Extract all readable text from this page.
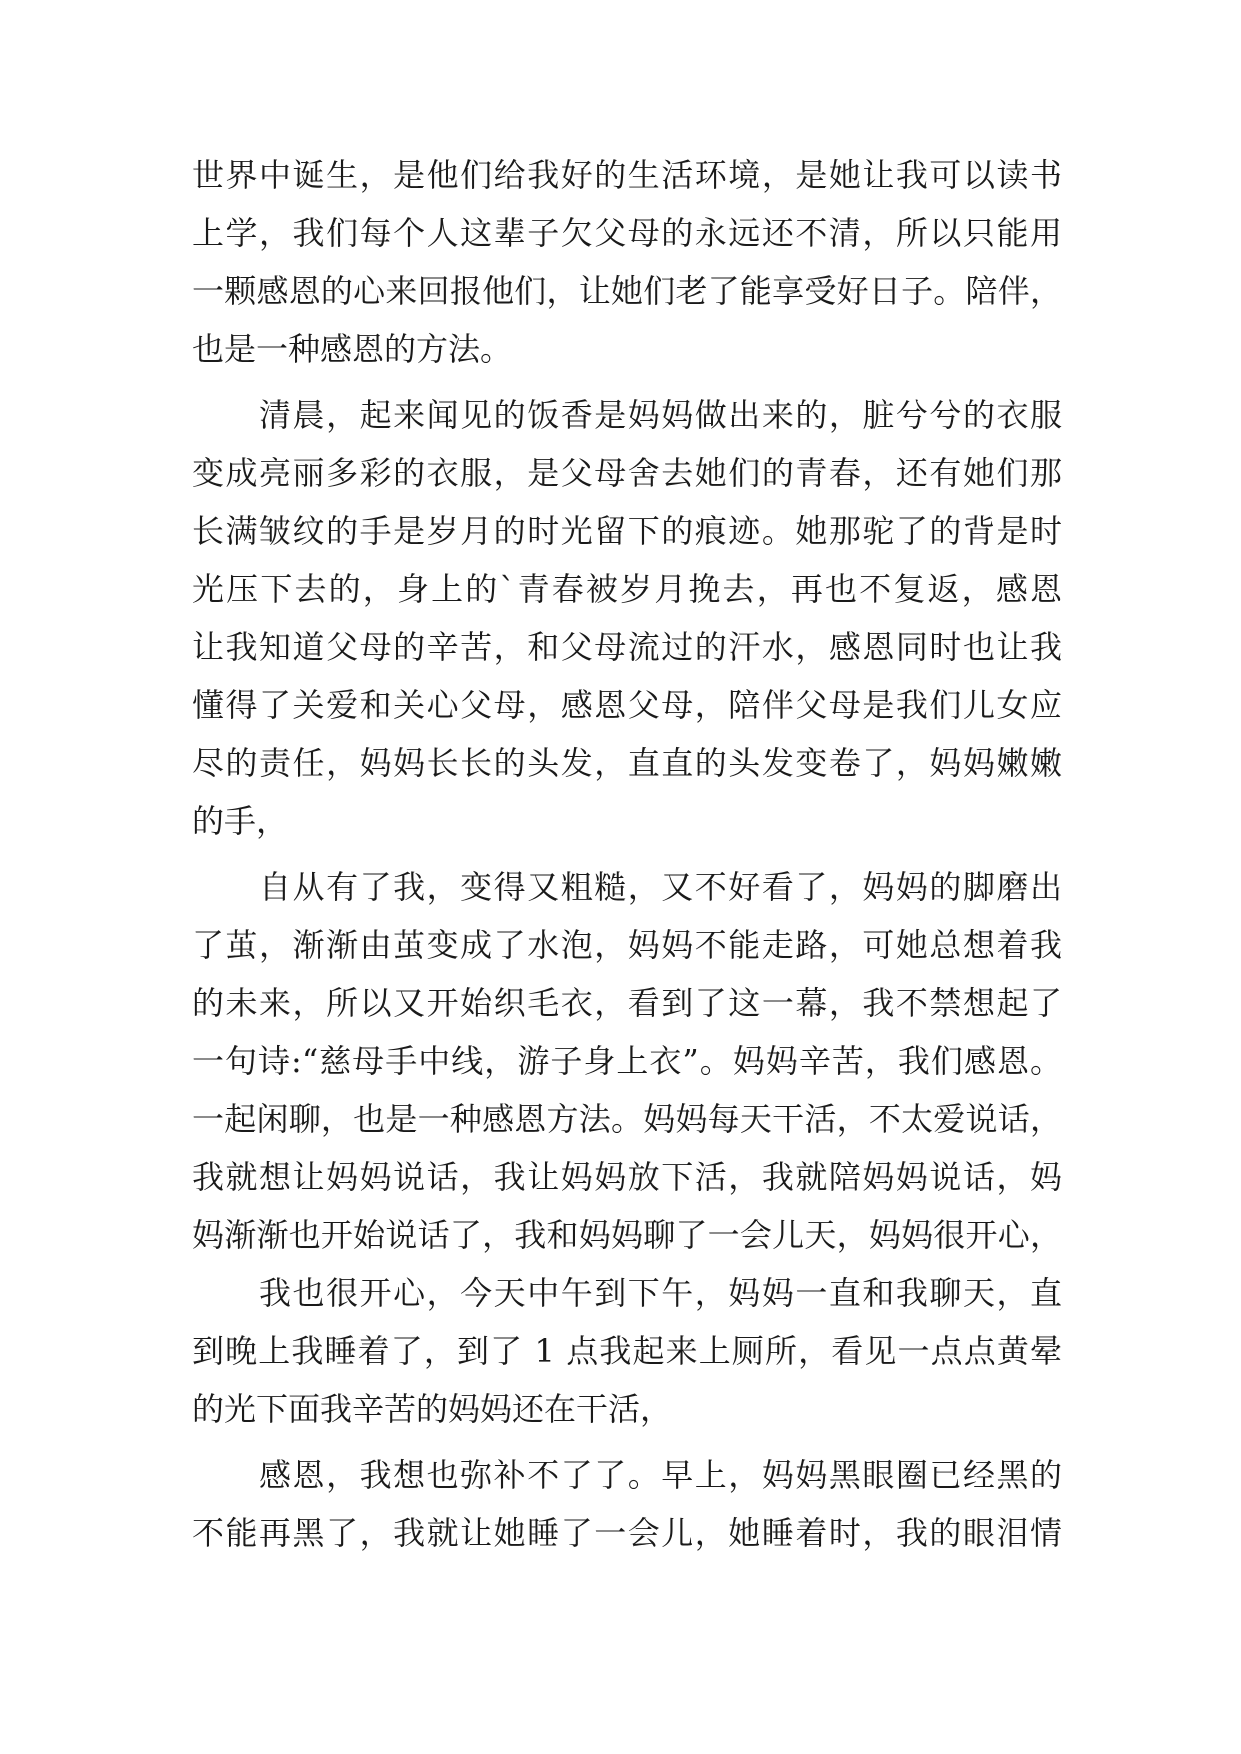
世界中诞生，是他们给我好的生活环境，是她让我可以读书
上学，我们每个人这辈子欠父母的永远还不清，所以只能用
一颗感恩的心来回报他们，让她们老了能享受好日子。陪伴，
也是一种感恩的方法。
　　清晨，起来闻见的饭香是妈妈做出来的，脏兮兮的衣服
变成亮丽多彩的衣服，是父母舍去她们的青春，还有她们那
长满皱纹的手是岁月的时光留下的痕迹。她那驼了的背是时
光压下去的，身上的`青春被岁月挽去，再也不复返，感恩
让我知道父母的辛苦，和父母流过的汗水，感恩同时也让我
懂得了关爱和关心父母，感恩父母，陪伴父母是我们儿女应
尽的责任，妈妈长长的头发，直直的头发变卷了，妈妈嫩嫩
的手，
　　自从有了我，变得又粗糙，又不好看了，妈妈的脚磨出
了茧，渐渐由茧变成了水泡，妈妈不能走路，可她总想着我
的未来，所以又开始织毛衣，看到了这一幕，我不禁想起了
一句诗:“慈母手中线，游子身上衣”。妈妈辛苦，我们感恩。
一起闲聊，也是一种感恩方法。妈妈每天干活，不太爱说话，
我就想让妈妈说话，我让妈妈放下活，我就陪妈妈说话，妈
妈渐渐也开始说话了，我和妈妈聊了一会儿天，妈妈很开心，
　　我也很开心，今天中午到下午，妈妈一直和我聊天，直
到晚上我睡着了，到了 1 点我起来上厕所，看见一点点黄晕
的光下面我辛苦的妈妈还在干活，
　　感恩，我想也弥补不了了。早上，妈妈黑眼圈已经黑的
不能再黑了，我就让她睡了一会儿，她睡着时，我的眼泪情
